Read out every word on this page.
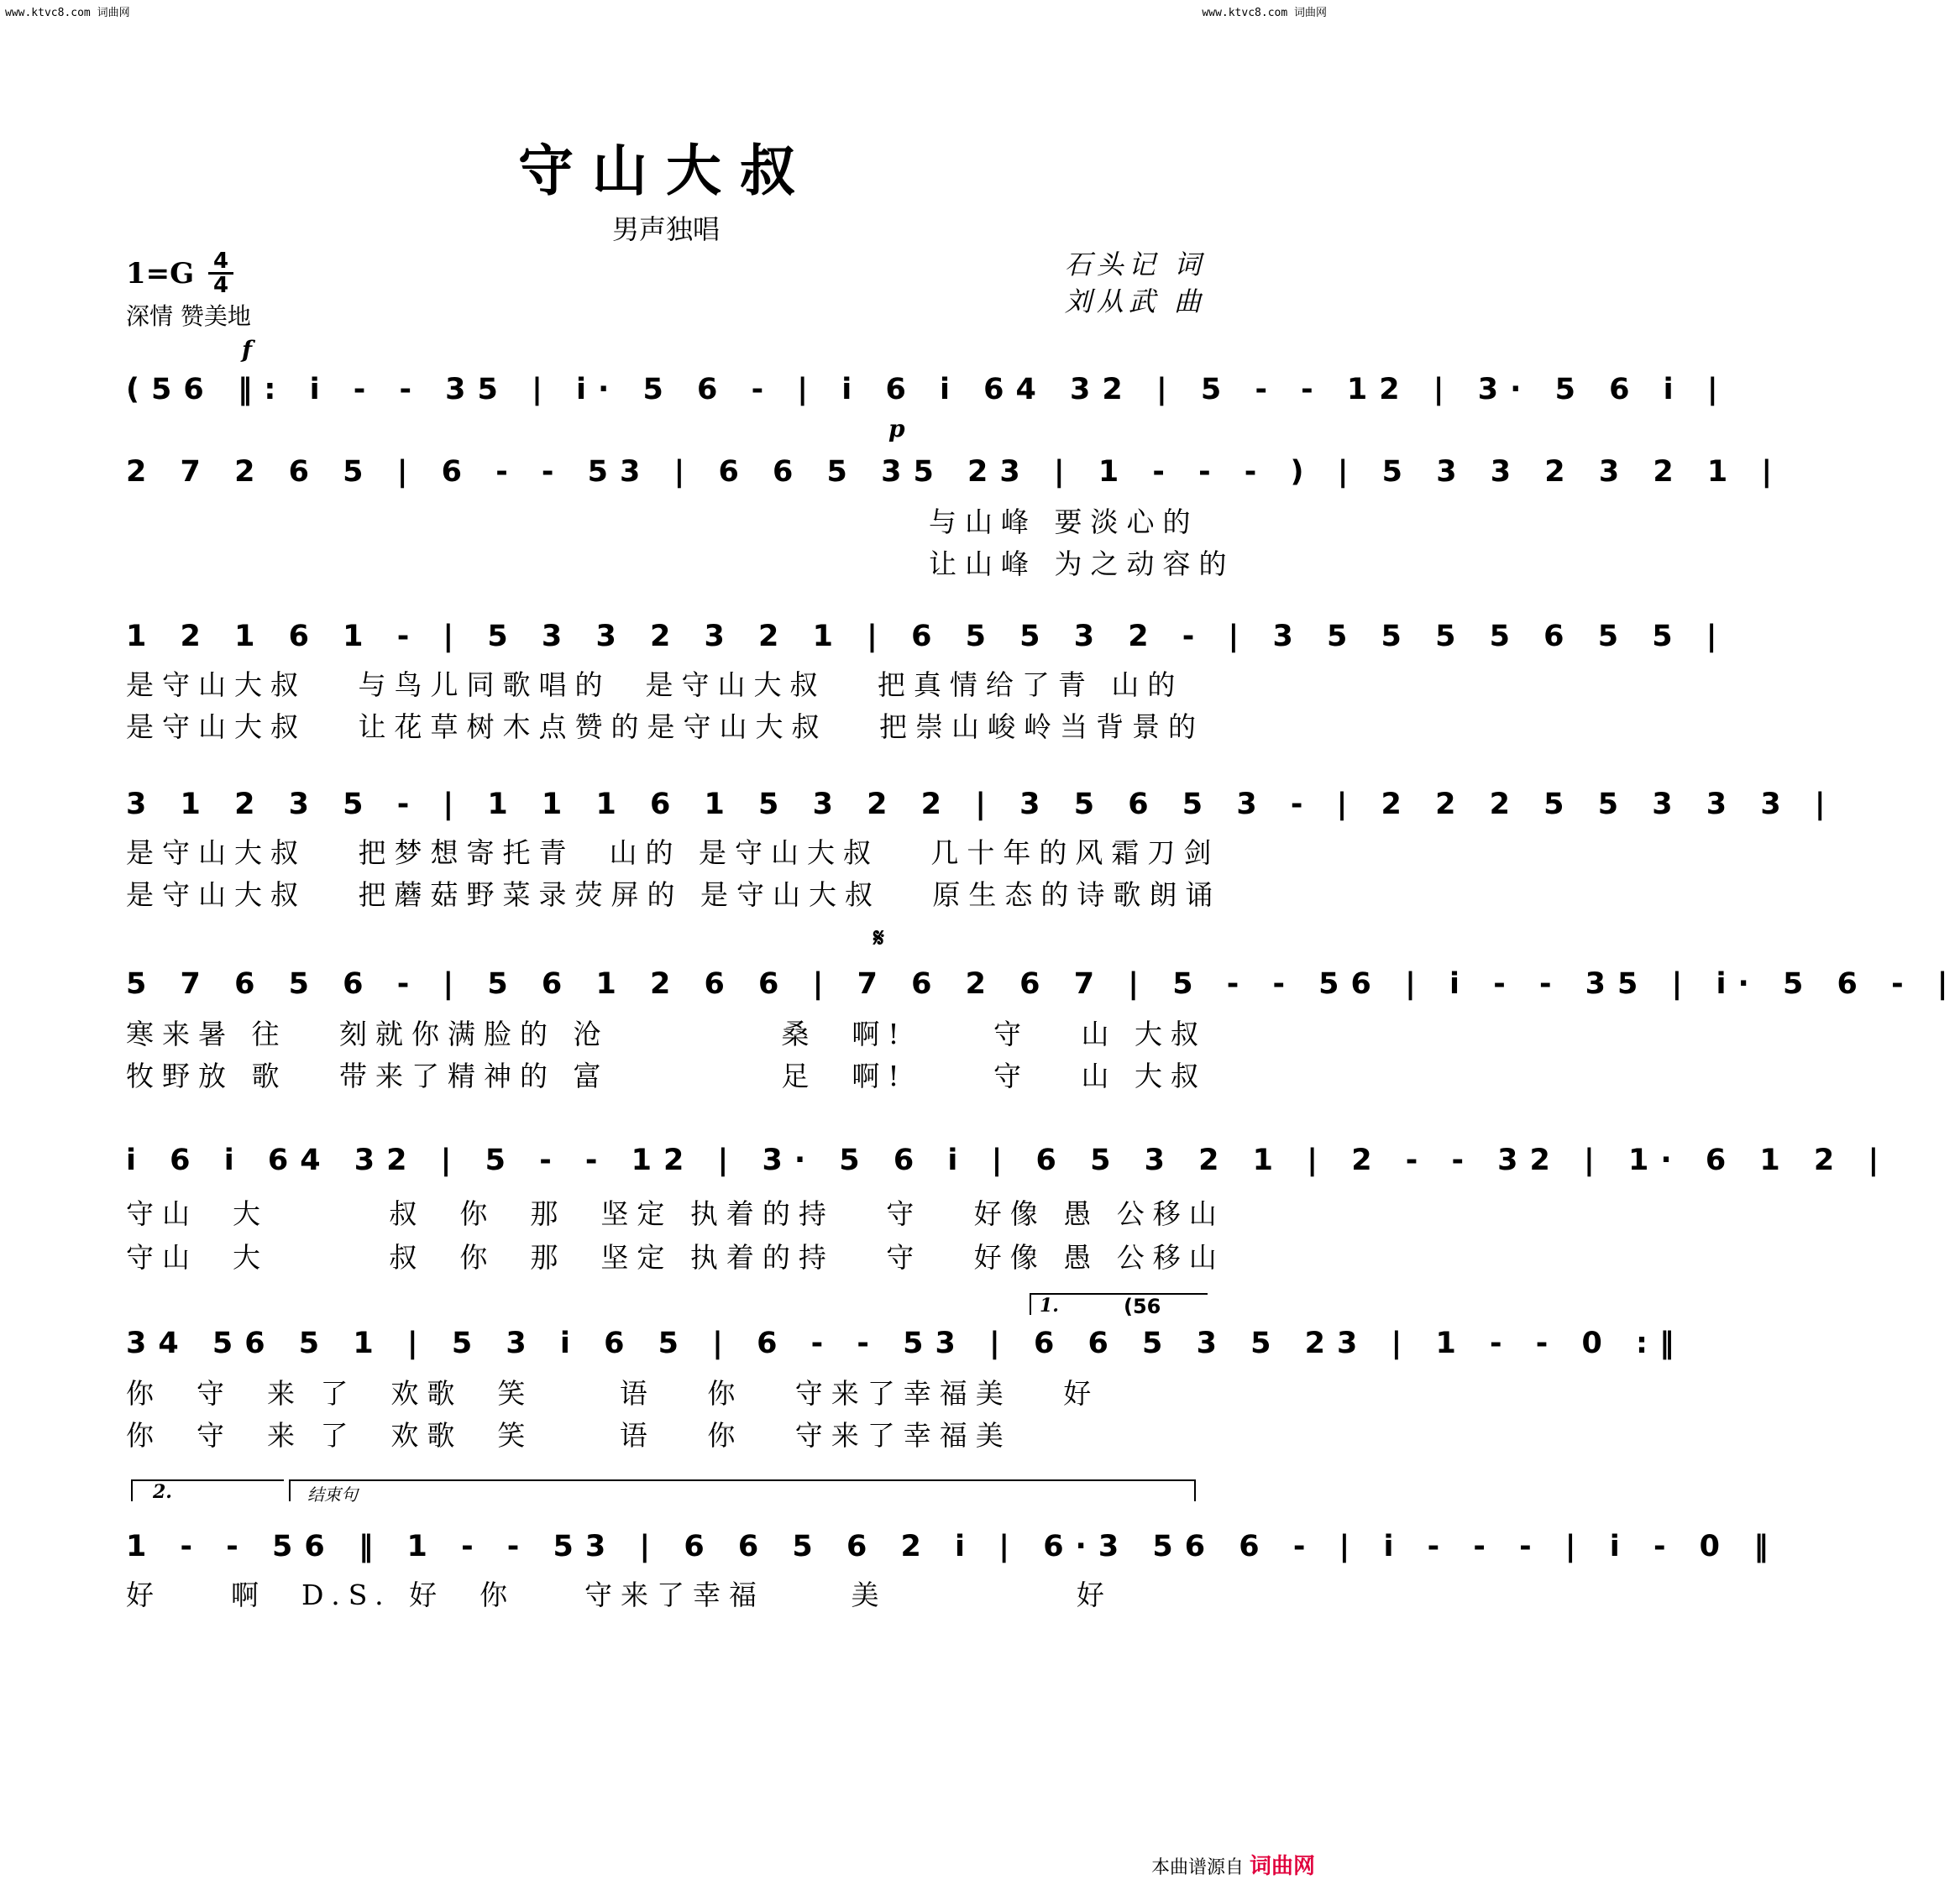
www.ktvc8.com 词曲网	www.ktvc8.com 词曲网
守山大叔
男声独唱
1=G 4
4
深情 赞美地
石头记 词
刘从武 曲
f
p
(56 ‖: i - - 35 | i· 5 6 - | i 6 i 64 32 | 5 - - 12 | 3· 5 6 i |
2 7 2 6 5 | 6 - - 53 | 6 6 5 35 23 | 1 - - - ) | 5 3 3 2 3 2 1 |
与山峰 要淡心的
让山峰 为之动容的
1 2 1 6 1 - | 5 3 3 2 3 2 1 | 6 5 5 3 2 - | 3 5 5 5 5 6 5 5 |
是守山大叔   与鸟儿同歌唱的  是守山大叔   把真情给了青 山的
是守山大叔   让花草树木点赞的是守山大叔   把崇山峻岭当背景的
3 1 2 3 5 - | 1 1 1 6 1 5 3 2 2 | 3 5 6 5 3 - | 2 2 2 5 5 3 3 3 |
是守山大叔   把梦想寄托青  山的 是守山大叔   几十年的风霜刀剑
是守山大叔   把蘑菇野菜录荧屏的 是守山大叔   原生态的诗歌朗诵
𝄋
5 7 6 5 6 - | 5 6 1 2 6 6 | 7 6 2 6 7 | 5 - - 56 | i - - 35 | i· 5 6 - |
寒来暑 往   刻就你满脸的 沧          桑  啊!     守   山 大叔
牧野放 歌   带来了精神的 富          足  啊!     守   山 大叔
i 6 i 64 32 | 5 - - 12 | 3· 5 6 i | 6 5 3 2 1 | 2 - - 32 | 1· 6 1 2 |
守山  大       叔  你  那  坚定 执着的持   守   好像 愚 公移山
守山  大       叔  你  那  坚定 执着的持   守   好像 愚 公移山
1.	(56
34 56 5 1 | 5 3 i 6 5 | 6 - - 53 | 6 6 5 3 5 23 | 1 - - 0 :‖
你  守  来 了  欢歌  笑     语   你   守来了幸福美   好
你  守  来 了  欢歌  笑     语   你   守来了幸福美
2.	结束句
1 - - 56 ‖ 1 - - 53 | 6 6 5 6 2 i | 6·3 56 6 - | i - - - | i - 0 ‖
好    啊  D.S. 好  你    守来了幸福     美           好
本曲谱源自 词曲网
